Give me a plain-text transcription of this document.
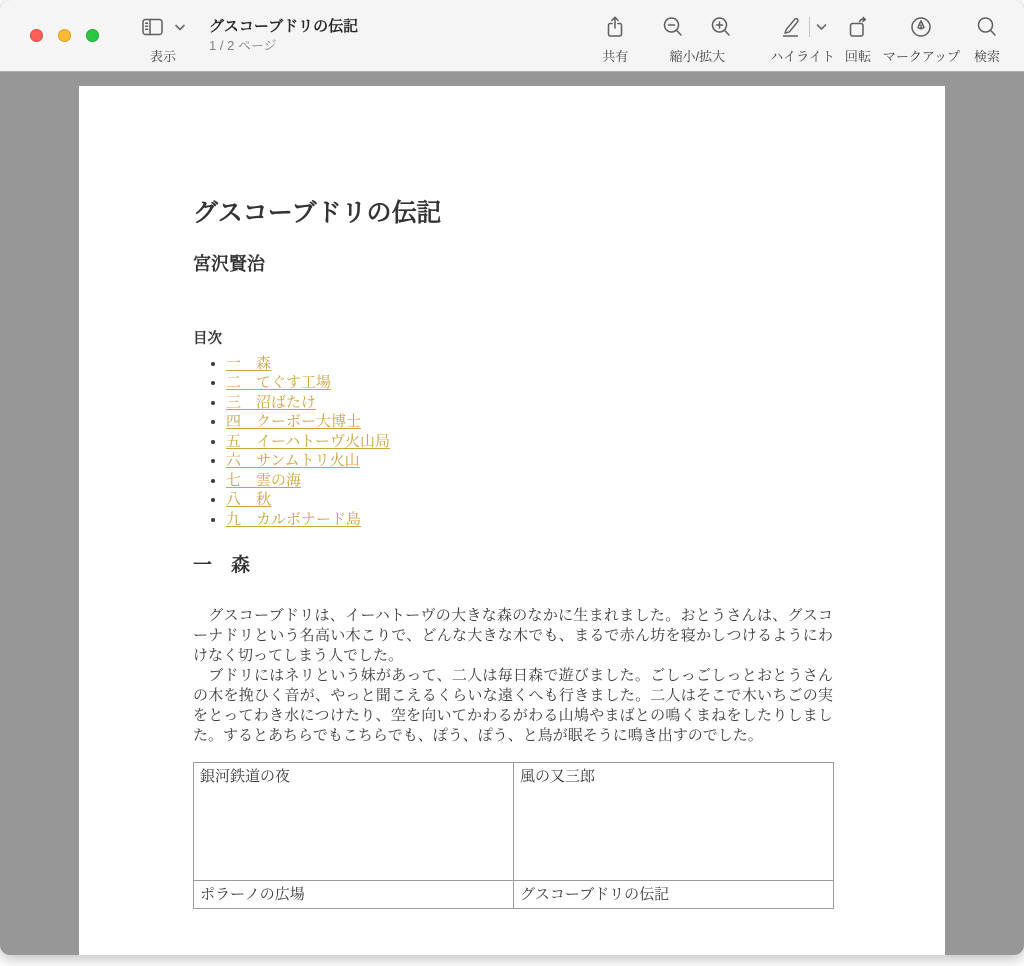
表示
グスコーブドリの伝記
1 / 2 ページ
共有	縮小/拡大	ハイライト 回転 マークアップ 検索
グスコーブドリの伝記
宮沢賢治
目次
• 一　森
• 二　てぐす工場
• 三　沼ばたけ
• 四　クーボー大博士
• 五　イーハトーヴ火山局
• 六　サンムトリ火山
• 七　雲の海
• 八　秋
• 九　カルボナード島
一　森

　グスコーブドリは、イーハトーヴの大きな森のなかに生まれました。おとうさんは、グスコーナドリという名高い木こりで、どんな大きな木でも、まるで赤ん坊を寝かしつけるようにわけなく切ってしまう人でした。

　ブドリにはネリという妹があって、二人は毎日森で遊びました。ごしっごしっとおとうさんの木を挽ひく音が、やっと聞こえるくらいな遠くへも行きました。二人はそこで木いちごの実をとってわき水につけたり、空を向いてかわるがわる山鳩やまばとの鳴くまねをしたりしました。するとあちらでもこちらでも、ぽう、ぽう、と鳥が眠そうに鳴き出すのでした。

銀河鉄道の夜	風の又三郎
ポラーノの広場	グスコーブドリの伝記
